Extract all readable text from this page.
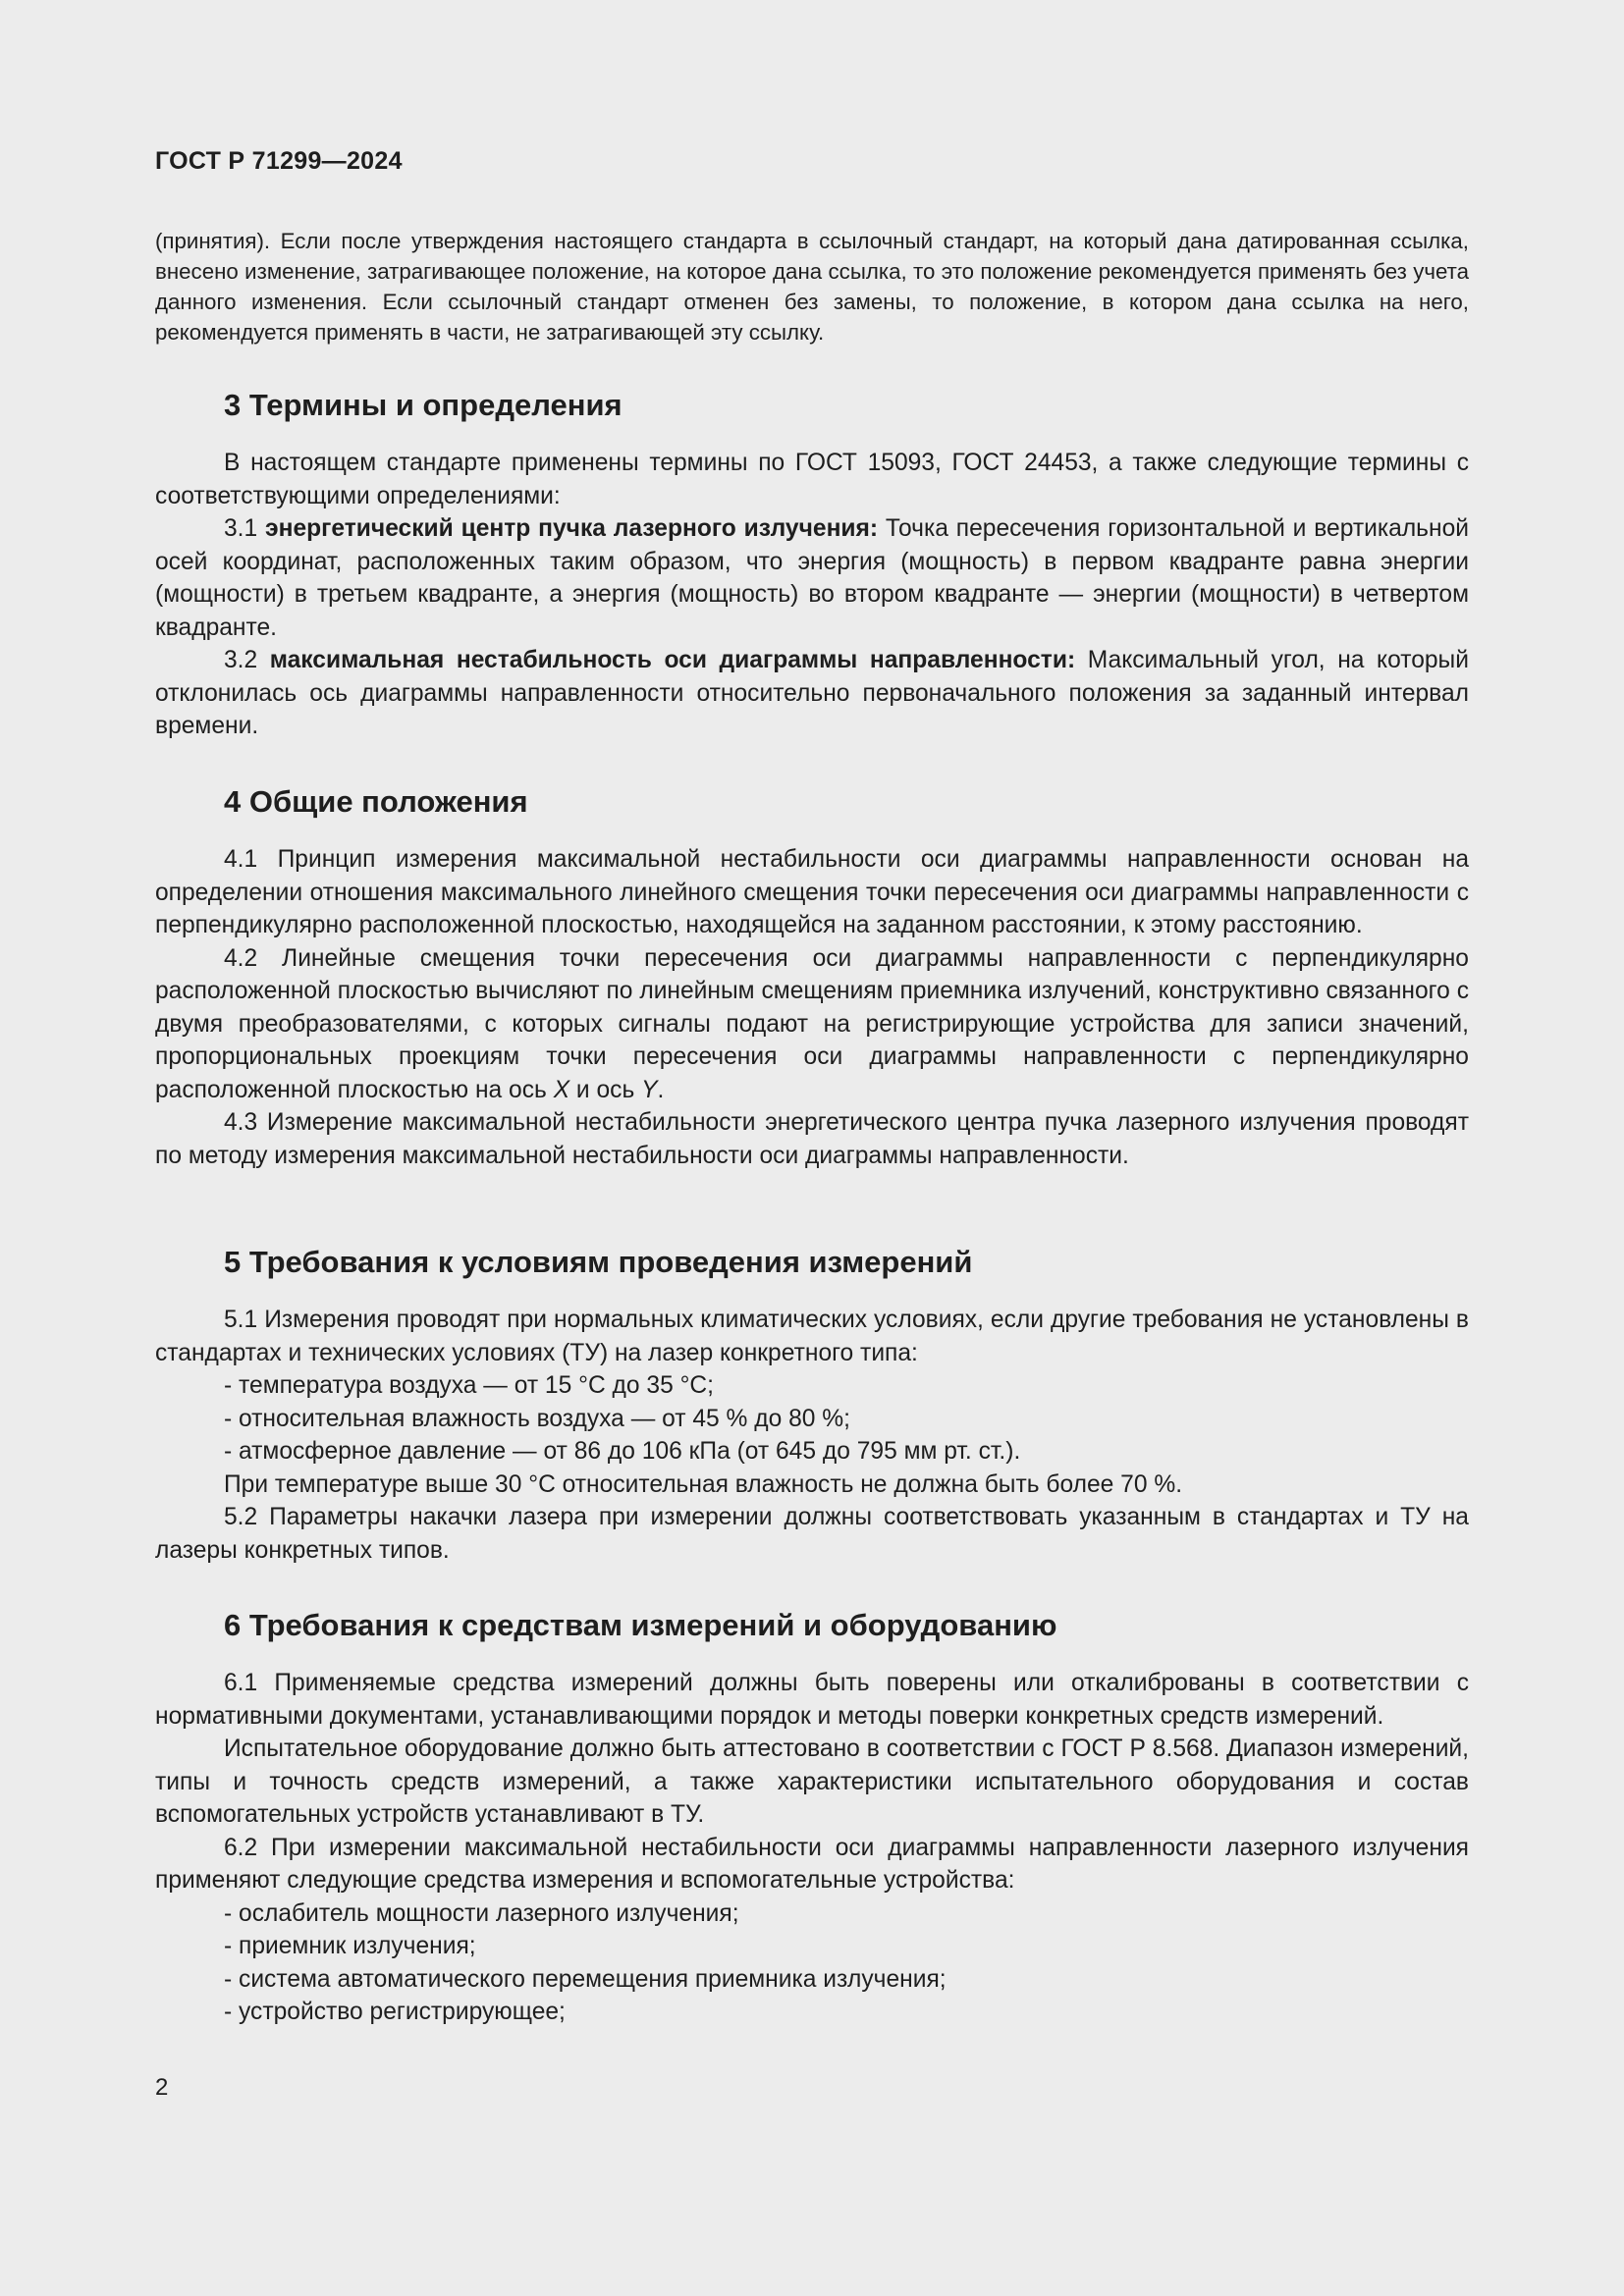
ГОСТ Р 71299—2024
(принятия). Если после утверждения настоящего стандарта в ссылочный стандарт, на который дана датированная ссылка, внесено изменение, затрагивающее положение, на которое дана ссылка, то это положение рекомендуется применять без учета данного изменения. Если ссылочный стандарт отменен без замены, то положение, в котором дана ссылка на него, рекомендуется применять в части, не затрагивающей эту ссылку.
3 Термины и определения

В настоящем стандарте применены термины по ГОСТ 15093, ГОСТ 24453, а также следующие термины с соответствующими определениями:

3.1 энергетический центр пучка лазерного излучения: Точка пересечения горизонтальной и вертикальной осей координат, расположенных таким образом, что энергия (мощность) в первом квадранте равна энергии (мощности) в третьем квадранте, а энергия (мощность) во втором квадранте — энергии (мощности) в четвертом квадранте.

3.2 максимальная нестабильность оси диаграммы направленности: Максимальный угол, на который отклонилась ось диаграммы направленности относительно первоначального положения за заданный интервал времени.

4 Общие положения

4.1 Принцип измерения максимальной нестабильности оси диаграммы направленности основан на определении отношения максимального линейного смещения точки пересечения оси диаграммы направленности с перпендикулярно расположенной плоскостью, находящейся на заданном расстоянии, к этому расстоянию.

4.2 Линейные смещения точки пересечения оси диаграммы направленности с перпендикулярно расположенной плоскостью вычисляют по линейным смещениям приемника излучений, конструктивно связанного с двумя преобразователями, с которых сигналы подают на регистрирующие устройства для записи значений, пропорциональных проекциям точки пересечения оси диаграммы направленности с перпендикулярно расположенной плоскостью на ось X и ось Y.

4.3 Измерение максимальной нестабильности энергетического центра пучка лазерного излучения проводят по методу измерения максимальной нестабильности оси диаграммы направленности.

5 Требования к условиям проведения измерений

5.1 Измерения проводят при нормальных климатических условиях, если другие требования не установлены в стандартах и технических условиях (ТУ) на лазер конкретного типа:

- температура воздуха — от 15 °C до 35 °C;

- относительная влажность воздуха — от 45 % до 80 %;

- атмосферное давление — от 86 до 106 кПа (от 645 до 795 мм рт. ст.).

При температуре выше 30 °C относительная влажность не должна быть более 70 %.

5.2 Параметры накачки лазера при измерении должны соответствовать указанным в стандартах и ТУ на лазеры конкретных типов.

6 Требования к средствам измерений и оборудованию

6.1 Применяемые средства измерений должны быть поверены или откалиброваны в соответствии с нормативными документами, устанавливающими порядок и методы поверки конкретных средств измерений.

Испытательное оборудование должно быть аттестовано в соответствии с ГОСТ Р 8.568. Диапазон измерений, типы и точность средств измерений, а также характеристики испытательного оборудования и состав вспомогательных устройств устанавливают в ТУ.

6.2 При измерении максимальной нестабильности оси диаграммы направленности лазерного излучения применяют следующие средства измерения и вспомогательные устройства:

- ослабитель мощности лазерного излучения;

- приемник излучения;

- система автоматического перемещения приемника излучения;

- устройство регистрирующее;

2
